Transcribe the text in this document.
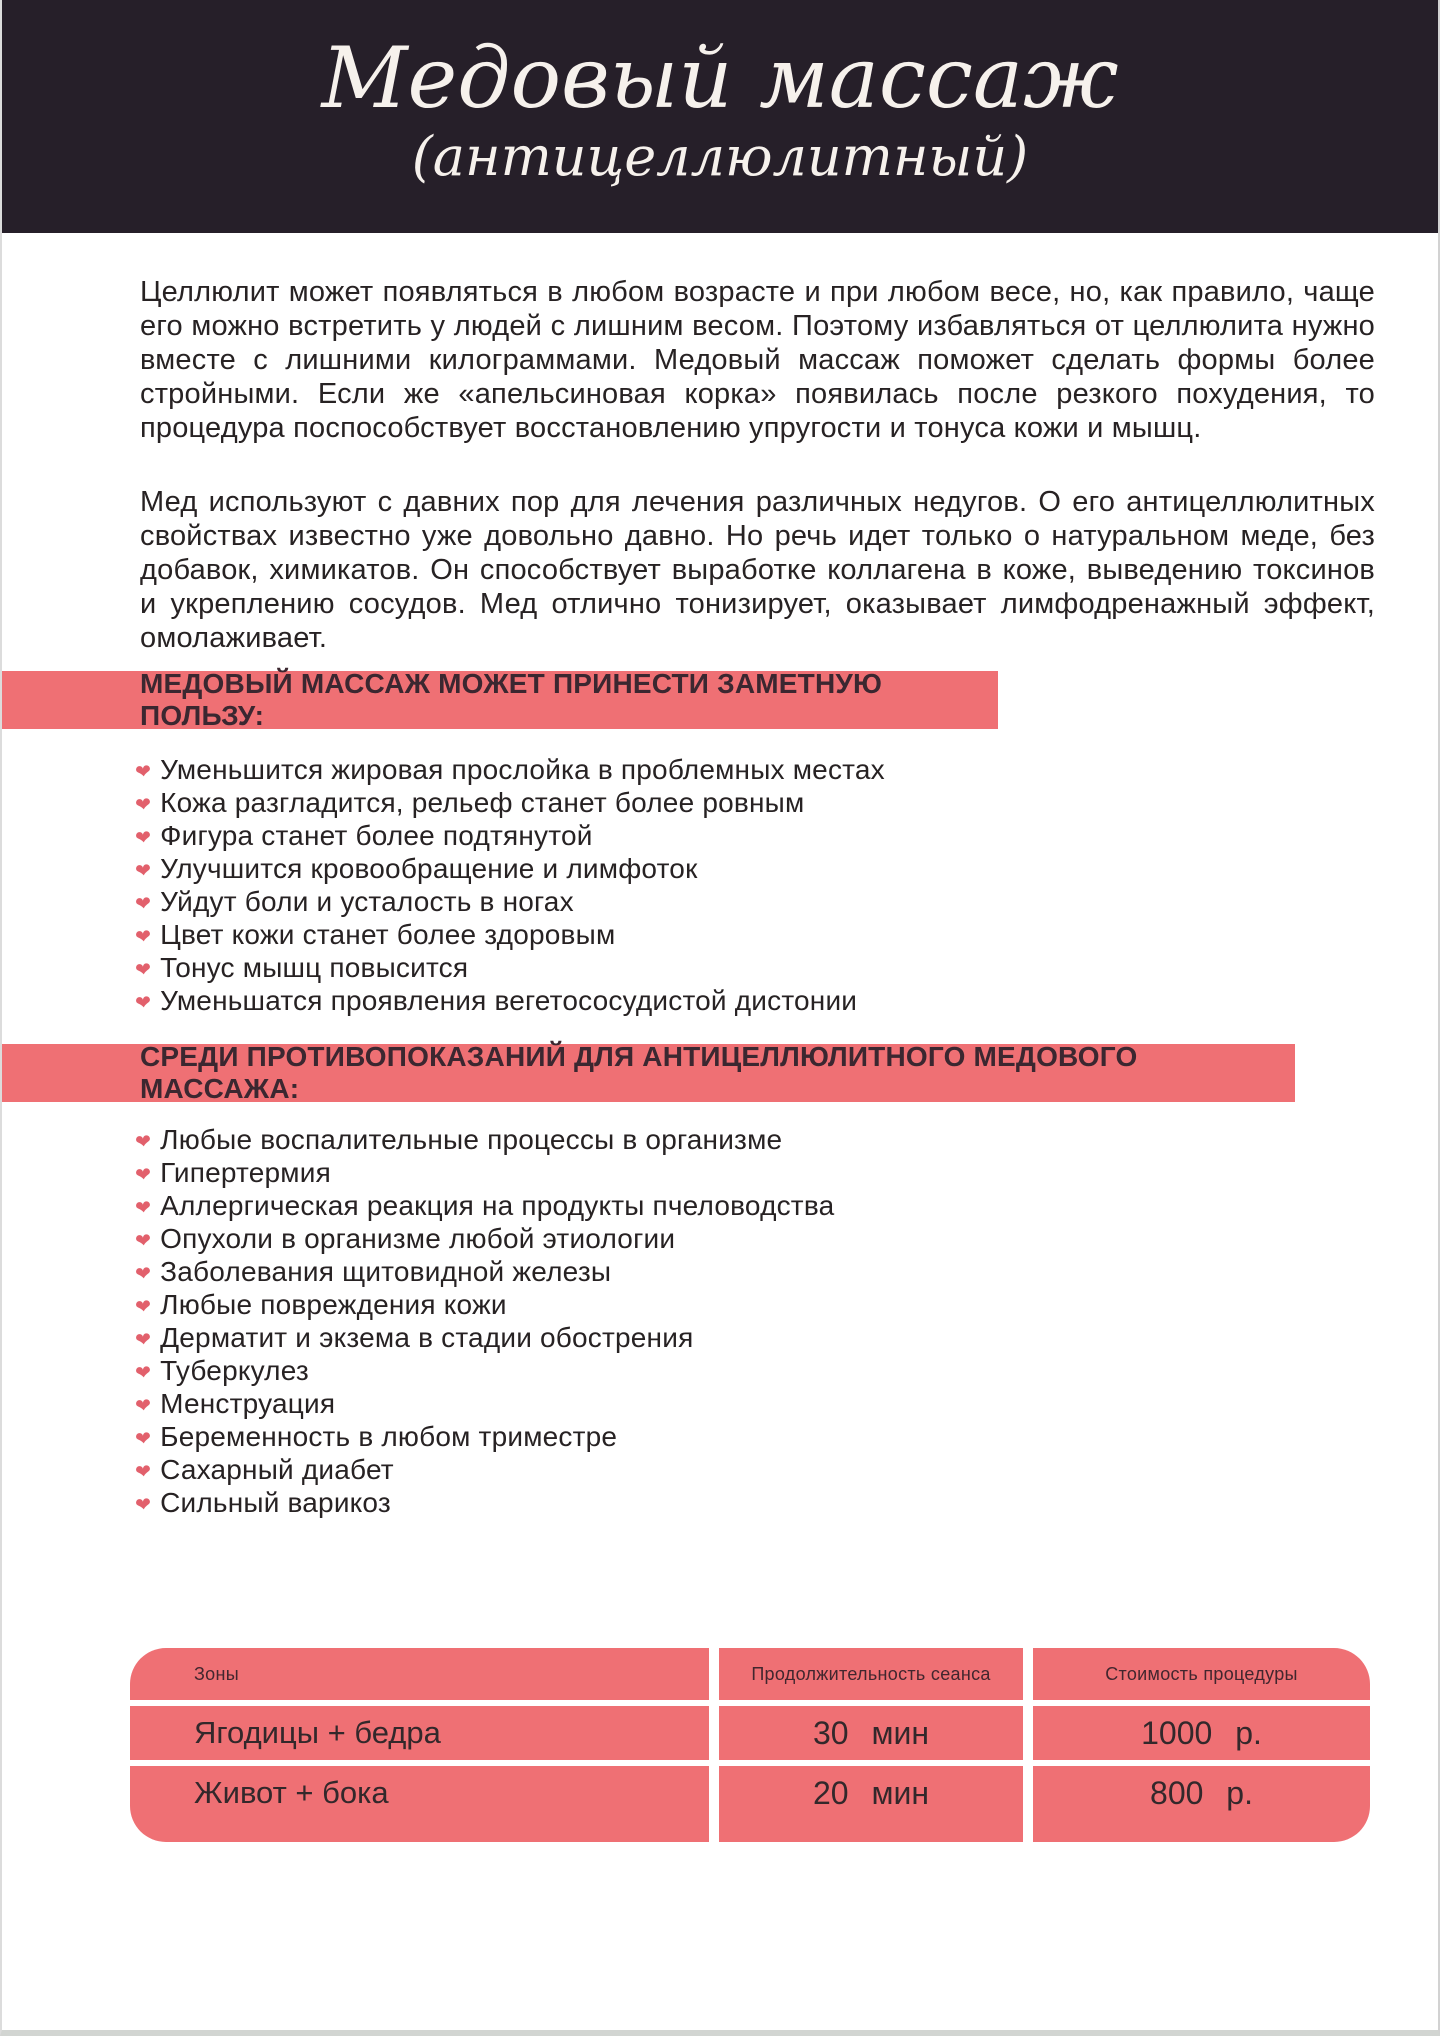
Медовый массаж
(антицеллюлитный)

Целлюлит может появляться в любом возрасте и при любом весе, но, как правило, чаще его можно встретить у людей с лишним весом. Поэтому избавляться от целлюлита нужно вместе с лишними килограммами. Медовый массаж поможет сделать формы более стройными. Если же «апельсиновая корка» появилась после резкого похудения, то процедура поспособствует восстановлению упругости и тонуса кожи и мышц.

Мед используют с давних пор для лечения различных недугов. О его антицеллюлитных свойствах известно уже довольно давно. Но речь идет только о натуральном меде, без добавок, химикатов. Он способствует выработке коллагена в коже, выведению токсинов и укреплению сосудов. Мед отлично тонизирует, оказывает лимфодренажный эффект, омолаживает.

МЕДОВЫЙ МАССАЖ МОЖЕТ ПРИНЕСТИ ЗАМЕТНУЮ ПОЛЬЗУ:
❤
Уменьшится жировая прослойка в проблемных местах
❤
Кожа разгладится, рельеф станет более ровным
❤
Фигура станет более подтянутой
❤
Улучшится кровообращение и лимфоток
❤
Уйдут боли и усталость в ногах
❤
Цвет кожи станет более здоровым
❤
Тонус мышц повысится
❤
Уменьшатся проявления вегетососудистой дистонии
СРЕДИ ПРОТИВОПОКАЗАНИЙ ДЛЯ АНТИЦЕЛЛЮЛИТНОГО МЕДОВОГО МАССАЖА:
❤
Любые воспалительные процессы в организме
❤
Гипертермия
❤
Аллергическая реакция на продукты пчеловодства
❤
Опухоли в организме любой этиологии
❤
Заболевания щитовидной железы
❤
Любые повреждения кожи
❤
Дерматит и экзема в стадии обострения
❤
Туберкулез
❤
Менструация
❤
Беременность в любом триместре
❤
Сахарный диабет
❤
Сильный варикоз
Зоны	Продолжительность сеанса	Стоимость процедуры
Ягодицы + бедра	30 мин	1000 р.
Живот + бока	20 мин	800 р.
